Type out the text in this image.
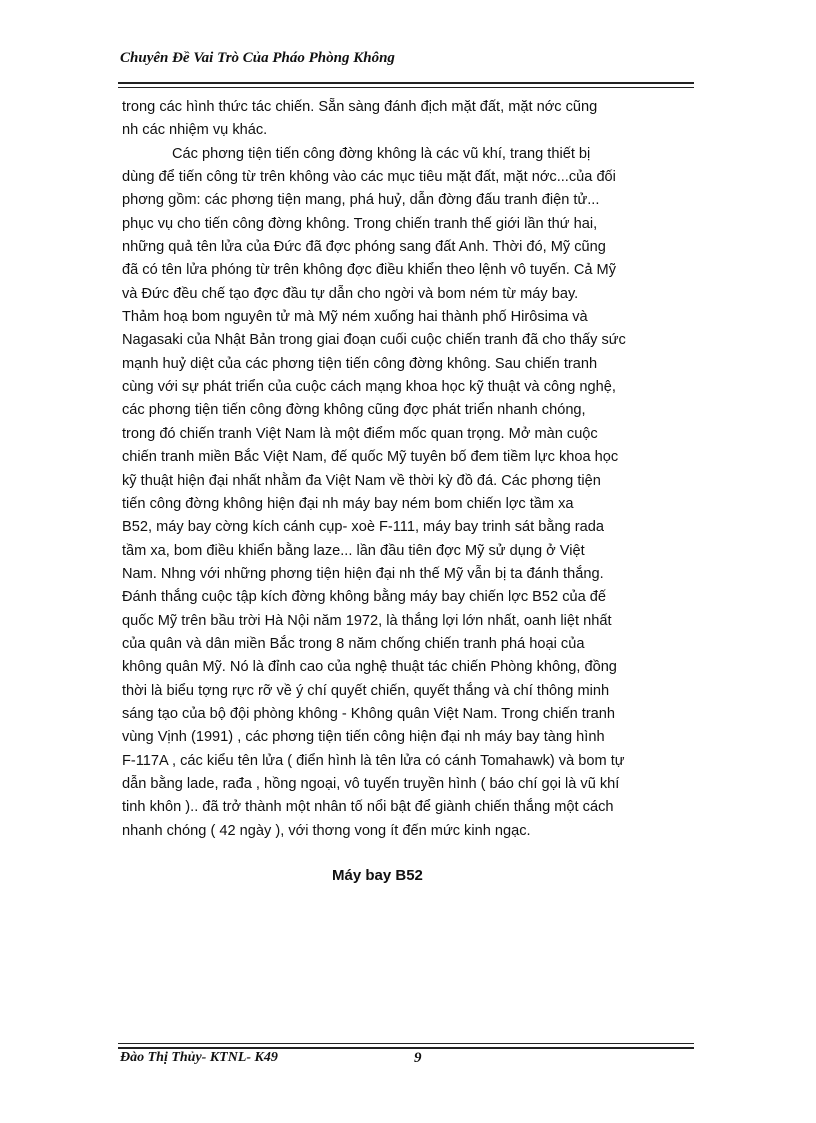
Chuyên Đề Vai Trò Của Pháo Phòng Không
trong các hình thức tác chiến. Sẵn sàng đánh địch mặt đất, mặt nớc cũng
nh các nhiệm vụ khác.
Các phơng tiện tiến công đờng không là các vũ khí, trang thiết bị
dùng để tiến công từ trên không vào các mục tiêu mặt đất, mặt nớc...của đối
phơng gồm: các phơng tiện mang, phá huỷ, dẫn đờng đấu tranh điện tử...
phục vụ cho tiến công đờng không. Trong chiến tranh thế giới lần thứ hai,
những quả tên lửa của Đức đã đợc phóng sang đất Anh. Thời đó, Mỹ cũng
đã có tên lửa phóng từ trên không đợc điều khiển theo lệnh vô tuyến. Cả Mỹ
và Đức đều chế tạo đợc đầu tự dẫn cho ngời và bom ném từ máy bay.
Thảm hoạ bom nguyên tử mà Mỹ ném xuống hai thành phố Hirôsima và
Nagasaki của Nhật Bản trong giai đoạn cuối cuộc chiến tranh đã cho thấy sức
mạnh huỷ diệt của các phơng tiện tiến công đờng không. Sau chiến tranh
cùng với sự phát triển của cuộc cách mạng khoa học kỹ thuật và công nghệ,
các phơng tiện tiến công đờng không cũng đợc phát triển nhanh chóng,
trong đó chiến tranh Việt Nam là một điểm mốc quan trọng. Mở màn cuộc
chiến tranh miền Bắc Việt Nam, đế quốc Mỹ tuyên bố đem tiềm lực khoa học
kỹ thuật hiện đại nhất nhằm đa Việt Nam về thời kỳ đồ đá. Các phơng tiện
tiến công đờng không hiện đại nh máy bay ném bom chiến lợc tầm xa
B52, máy bay cờng kích cánh cụp- xoè F-111, máy bay trinh sát bằng rada
tầm xa, bom điều khiển bằng laze... lần đầu tiên đợc Mỹ sử dụng ở Việt
Nam. Nhng với những phơng tiện hiện đại nh thế Mỹ vẫn bị ta đánh thắng.
Đánh thắng cuộc tập kích đờng không bằng máy bay chiến lợc B52 của đế
quốc Mỹ trên bầu trời Hà Nội năm 1972, là thắng lợi lớn nhất, oanh liệt nhất
của quân và dân miền Bắc trong 8 năm chống chiến tranh phá hoại của
không quân Mỹ. Nó là đỉnh cao của nghệ thuật tác chiến Phòng không, đồng
thời là biểu tợng rực rỡ về ý chí quyết chiến, quyết thắng và chí thông minh
sáng tạo của bộ đội phòng không - Không quân Việt Nam. Trong chiến tranh
vùng Vịnh (1991) , các phơng tiện tiến công hiện đại nh máy bay tàng hình
F-117A , các kiểu tên lửa ( điển hình là tên lửa có cánh Tomahawk) và bom tự
dẫn bằng lade, rađa , hồng ngoại, vô tuyến truyền hình ( báo chí gọi là vũ khí
tinh khôn ).. đã trở thành một nhân tố nổi bật để giành chiến thắng một cách
nhanh chóng ( 42 ngày ), với thơng vong ít đến mức kinh ngạc.
Máy bay B52
Đào Thị Thủy- KTNL- K49	9
